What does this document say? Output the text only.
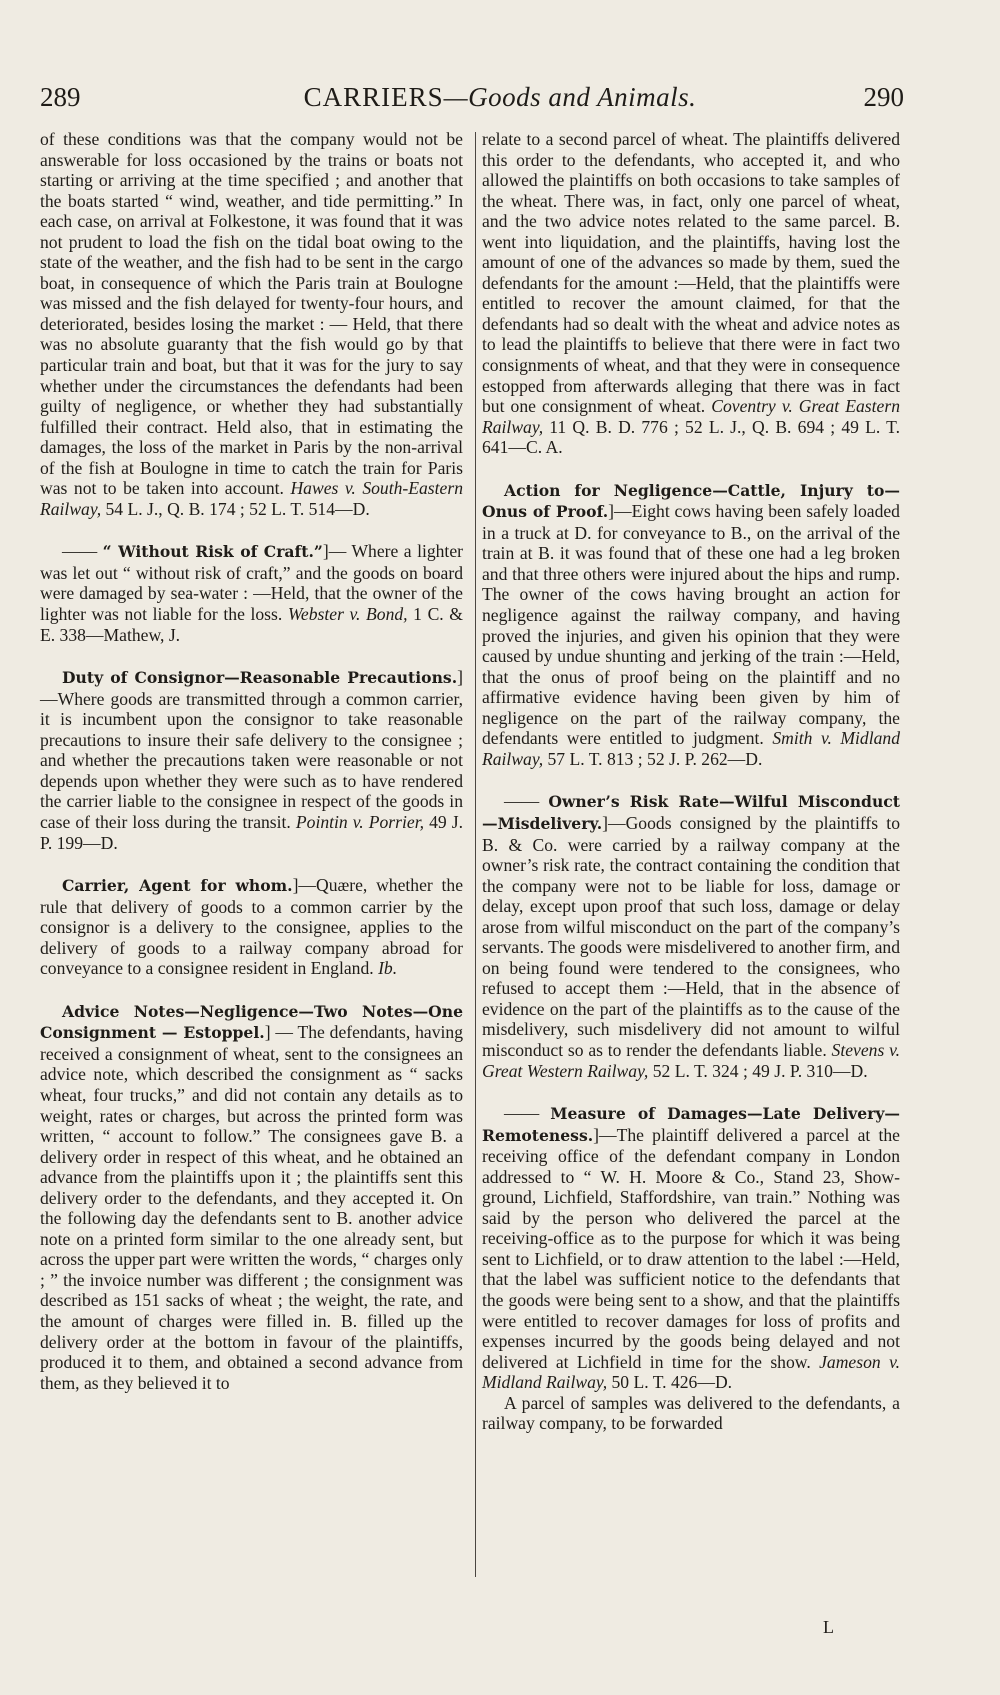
289	CARRIERS—Goods and Animals.	290

of these conditions was that the company would not be answerable for loss occasioned by the trains or boats not starting or arriving at the time specified ; and another that the boats started “ wind, weather, and tide permitting.” In each case, on arrival at Folkestone, it was found that it was not prudent to load the fish on the tidal boat owing to the state of the weather, and the fish had to be sent in the cargo boat, in consequence of which the Paris train at Boulogne was missed and the fish delayed for twenty-four hours, and deteriorated, besides losing the market : — Held, that there was no absolute guaranty that the fish would go by that particular train and boat, but that it was for the jury to say whether under the circumstances the defendants had been guilty of negligence, or whether they had substantially fulfilled their contract. Held also, that in estimating the damages, the loss of the market in Paris by the non-arrival of the fish at Boulogne in time to catch the train for Paris was not to be taken into account. Hawes v. South-Eastern Railway, 54 L. J., Q. B. 174 ; 52 L. T. 514—D.

—— “ Without Risk of Craft.”]— Where a lighter was let out “ without risk of craft,” and the goods on board were damaged by sea-water : —Held, that the owner of the lighter was not liable for the loss. Webster v. Bond, 1 C. & E. 338—Mathew, J.

Duty of Consignor—Reasonable Precautions.] —Where goods are transmitted through a common carrier, it is incumbent upon the consignor to take reasonable precautions to insure their safe delivery to the consignee ; and whether the precautions taken were reasonable or not depends upon whether they were such as to have rendered the carrier liable to the consignee in respect of the goods in case of their loss during the transit. Pointin v. Porrier, 49 J. P. 199—D.

Carrier, Agent for whom.]—Quære, whether the rule that delivery of goods to a common carrier by the consignor is a delivery to the consignee, applies to the delivery of goods to a railway company abroad for conveyance to a consignee resident in England. Ib.

Advice Notes—Negligence—Two Notes—One Consignment — Estoppel.] — The defendants, having received a consignment of wheat, sent to the consignees an advice note, which described the consignment as “ sacks wheat, four trucks,” and did not contain any details as to weight, rates or charges, but across the printed form was written, “ account to follow.” The consignees gave B. a delivery order in respect of this wheat, and he obtained an advance from the plaintiffs upon it ; the plaintiffs sent this delivery order to the defendants, and they accepted it. On the following day the defendants sent to B. another advice note on a printed form similar to the one already sent, but across the upper part were written the words, “ charges only ; ” the invoice number was different ; the consignment was described as 151 sacks of wheat ; the weight, the rate, and the amount of charges were filled in. B. filled up the delivery order at the bottom in favour of the plaintiffs, produced it to them, and obtained a second advance from them, as they believed it to

relate to a second parcel of wheat. The plaintiffs delivered this order to the defendants, who accepted it, and who allowed the plaintiffs on both occasions to take samples of the wheat. There was, in fact, only one parcel of wheat, and the two advice notes related to the same parcel. B. went into liquidation, and the plaintiffs, having lost the amount of one of the advances so made by them, sued the defendants for the amount :—Held, that the plaintiffs were entitled to recover the amount claimed, for that the defendants had so dealt with the wheat and advice notes as to lead the plaintiffs to believe that there were in fact two consignments of wheat, and that they were in consequence estopped from afterwards alleging that there was in fact but one consignment of wheat. Coventry v. Great Eastern Railway, 11 Q. B. D. 776 ; 52 L. J., Q. B. 694 ; 49 L. T. 641—C. A.

Action for Negligence—Cattle, Injury to—Onus of Proof.]—Eight cows having been safely loaded in a truck at D. for conveyance to B., on the arrival of the train at B. it was found that of these one had a leg broken and that three others were injured about the hips and rump. The owner of the cows having brought an action for negligence against the railway company, and having proved the injuries, and given his opinion that they were caused by undue shunting and jerking of the train :—Held, that the onus of proof being on the plaintiff and no affirmative evidence having been given by him of negligence on the part of the railway company, the defendants were entitled to judgment. Smith v. Midland Railway, 57 L. T. 813 ; 52 J. P. 262—D.

—— Owner’s Risk Rate—Wilful Misconduct —Misdelivery.]—Goods consigned by the plaintiffs to B. & Co. were carried by a railway company at the owner’s risk rate, the contract containing the condition that the company were not to be liable for loss, damage or delay, except upon proof that such loss, damage or delay arose from wilful misconduct on the part of the company’s servants. The goods were misdelivered to another firm, and on being found were tendered to the consignees, who refused to accept them :—Held, that in the absence of evidence on the part of the plaintiffs as to the cause of the misdelivery, such misdelivery did not amount to wilful misconduct so as to render the defendants liable. Stevens v. Great Western Railway, 52 L. T. 324 ; 49 J. P. 310—D.

—— Measure of Damages—Late Delivery—Remoteness.]—The plaintiff delivered a parcel at the receiving office of the defendant company in London addressed to “ W. H. Moore & Co., Stand 23, Show-ground, Lichfield, Staffordshire, van train.” Nothing was said by the person who delivered the parcel at the receiving-office as to the purpose for which it was being sent to Lichfield, or to draw attention to the label :—Held, that the label was sufficient notice to the defendants that the goods were being sent to a show, and that the plaintiffs were entitled to recover damages for loss of profits and expenses incurred by the goods being delayed and not delivered at Lichfield in time for the show. Jameson v. Midland Railway, 50 L. T. 426—D.

A parcel of samples was delivered to the defendants, a railway company, to be forwarded

L
